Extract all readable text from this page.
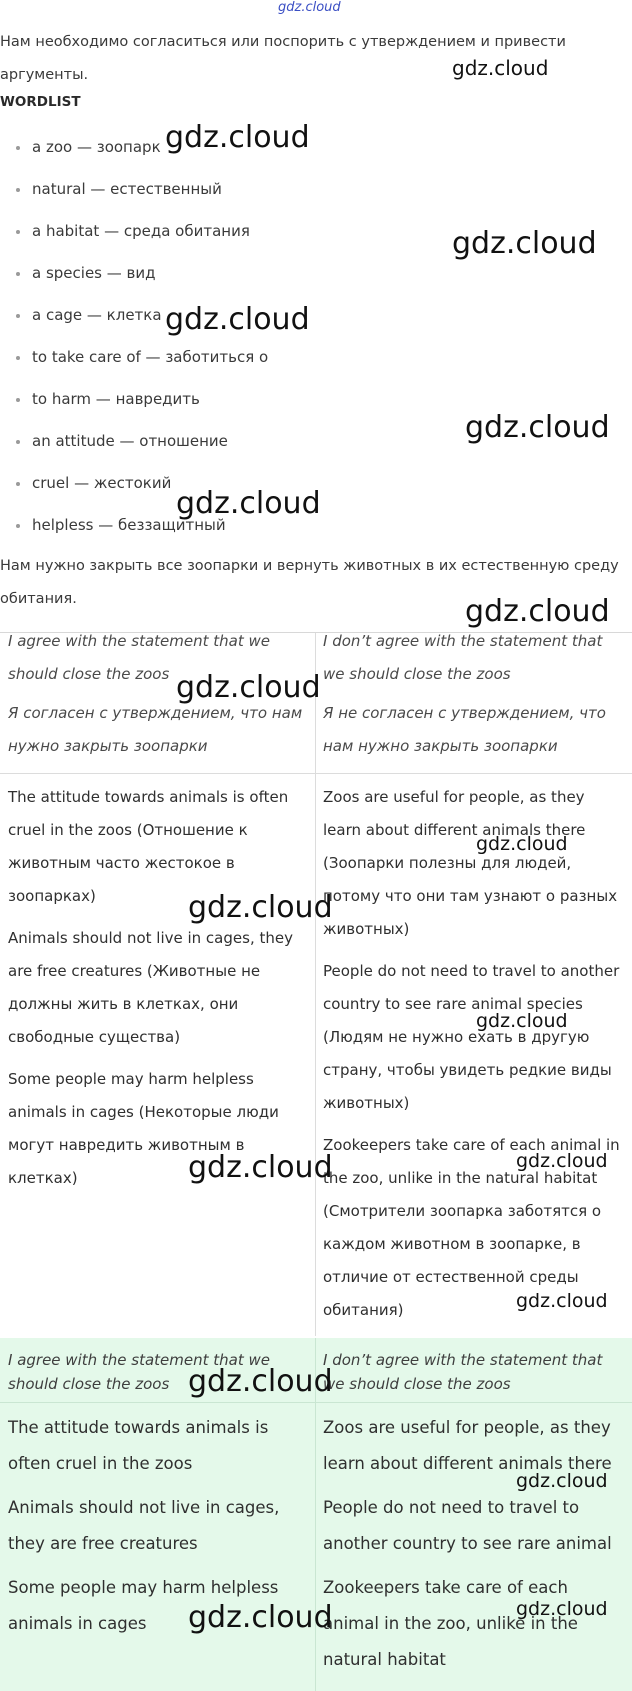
gdz.cloud
Нам необходимо согласиться или поспорить с утверждением и привести аргументы.
WORDLIST
a zoo — зоопарк
natural — естественный
a habitat — среда обитания
a species — вид
a cage — клетка
to take care of — заботиться о
to harm — навредить
an attitude — отношение
cruel — жестокий
helpless — беззащитный
Нам нужно закрыть все зоопарки и вернуть животных в их естественную среду обитания.
I agree with the statement that we should close the zoos
Я согласен с утверждением, что нам нужно закрыть зоопарки
I don’t agree with the statement that we should close the zoos
Я не согласен с утверждением, что нам нужно закрыть зоопарки

The attitude towards animals is often cruel in the zoos (Отношение к животным часто жестокое в зоопарках)

Animals should not live in cages, they are free creatures (Животные не должны жить в клетках, они свободные существа)

Some people may harm helpless animals in cages (Некоторые люди могут навредить животным в клетках)

Zoos are useful for people, as they learn about different animals there (Зоопарки полезны для людей, потому что они там узнают о разных животных)

People do not need to travel to another country to see rare animal species (Людям не нужно ехать в другую страну, чтобы увидеть редкие виды животных)

Zookeepers take care of each animal in the zoo, unlike in the natural habitat (Смотрители зоопарка заботятся о каждом животном в зоопарке, в отличие от естественной среды обитания)

I agree with the statement that we should close the zoos
I don’t agree with the statement that we should close the zoos

The attitude towards animals is often cruel in the zoos

Animals should not live in cages, they are free creatures

Some people may harm helpless animals in cages

Zoos are useful for people, as they learn about different animals there

People do not need to travel to another country to see rare animal

Zookeepers take care of each animal in the zoo, unlike in the natural habitat

gdz.cloud
gdz.cloud
gdz.cloud
gdz.cloud
gdz.cloud
gdz.cloud
gdz.cloud
gdz.cloud
gdz.cloud
gdz.cloud
gdz.cloud
gdz.cloud	gdz.cloud
gdz.cloud
gdz.cloud
gdz.cloud
gdz.cloud	gdz.cloud
